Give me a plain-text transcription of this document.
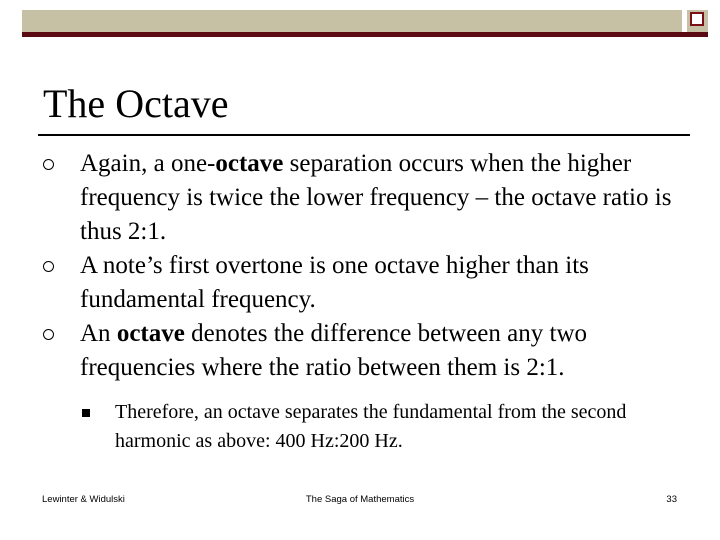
The Octave
Again, a one-octave separation occurs when the higher frequency is twice the lower frequency – the octave ratio is thus 2:1.
A note’s first overtone is one octave higher than its fundamental frequency.
An octave denotes the difference between any two frequencies where the ratio between them is 2:1.
Therefore, an octave separates the fundamental from the second harmonic as above: 400 Hz:200 Hz.
Lewinter & Widulski	The Saga of Mathematics	33
